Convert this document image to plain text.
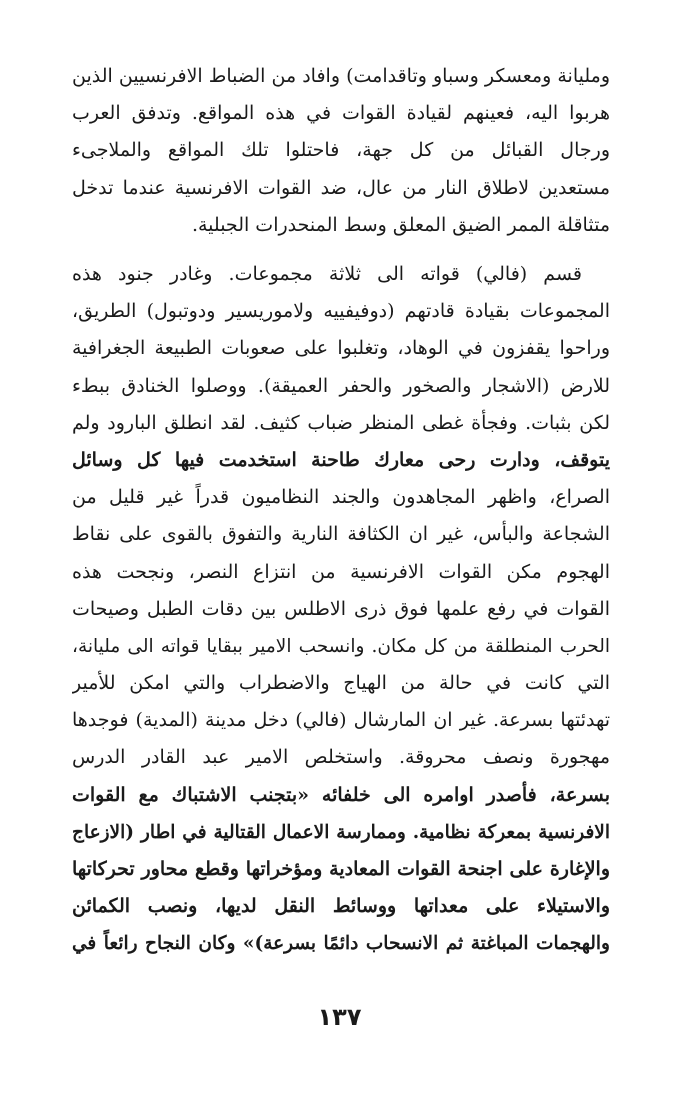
ومليانة ومعسكر وسباو وتاقدامت) وافاد من الضباط الافرنسيين الذين
هربوا اليه، فعينهم لقيادة القوات في هذه المواقع. وتدفق العرب
ورجال القبائل من كل جهة، فاحتلوا تلك المواقع والملاجىء
مستعدين لاطلاق النار من عال، ضد القوات الافرنسية عندما تدخل
متثاقلة الممر الضيق المعلق وسط المنحدرات الجبلية.
قسم (فالي) قواته الى ثلاثة مجموعات. وغادر جنود هذه
المجموعات بقيادة قادتهم (دوفيفييه ولاموريسير ودوتبول) الطريق،
وراحوا يقفزون في الوهاد، وتغلبوا على صعوبات الطبيعة الجغرافية
للارض (الاشجار والصخور والحفر العميقة). ووصلوا الخنادق ببطء
لكن بثبات. وفجأة غطى المنظر ضباب كثيف. لقد انطلق البارود ولم
يتوقف، ودارت رحى معارك طاحنة استخدمت فيها كل وسائل
الصراع، واظهر المجاهدون والجند النظاميون قدراً غير قليل من
الشجاعة والبأس، غير ان الكثافة النارية والتفوق بالقوى على نقاط
الهجوم مكن القوات الافرنسية من انتزاع النصر، ونجحت هذه
القوات في رفع علمها فوق ذرى الاطلس بين دقات الطبل وصيحات
الحرب المنطلقة من كل مكان. وانسحب الامير ببقايا قواته الى مليانة،
التي كانت في حالة من الهياج والاضطراب والتي امكن للأمير
تهدئتها بسرعة. غير ان المارشال (فالي) دخل مدينة (المدية) فوجدها
مهجورة ونصف محروقة. واستخلص الامير عبد القادر الدرس
بسرعة، فأصدر اوامره الى خلفائه «بتجنب الاشتباك مع القوات
الافرنسية بمعركة نظامية. وممارسة الاعمال القتالية في اطار (الازعاج
والإغارة على اجنحة القوات المعادية ومؤخراتها وقطع محاور تحركاتها
والاستيلاء على معداتها ووسائط النقل لديها، ونصب الكمائن
والهجمات المباغتة ثم الانسحاب دائمًا بسرعة)» وكان النجاح رائعاً في
١٣٧
